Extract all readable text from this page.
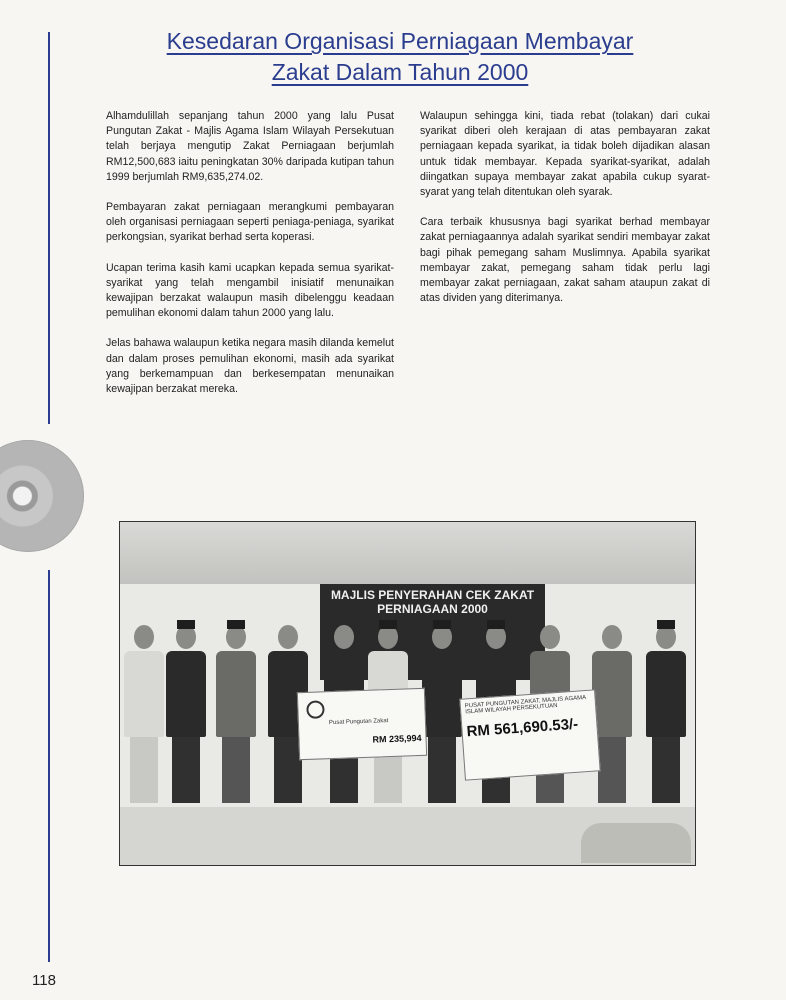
Kesedaran Organisasi Perniagaan Membayar
Zakat Dalam Tahun 2000

Alhamdulillah sepanjang tahun 2000 yang lalu Pusat Pungutan Zakat - Majlis Agama Islam Wilayah Persekutuan telah berjaya mengutip Zakat Perniagaan berjumlah RM12,500,683 iaitu peningkatan 30% daripada kutipan tahun 1999 berjumlah RM9,635,274.02.

Pembayaran zakat perniagaan merangkumi pembayaran oleh organisasi perniagaan seperti peniaga-peniaga, syarikat perkongsian, syarikat berhad serta koperasi.

Ucapan terima kasih kami ucapkan kepada semua syarikat-syarikat yang telah mengambil inisiatif menunaikan kewajipan berzakat walaupun masih dibelenggu keadaan pemulihan ekonomi dalam tahun 2000 yang lalu.

Jelas bahawa walaupun ketika negara masih dilanda kemelut dan dalam proses pemulihan ekonomi, masih ada syarikat yang berkemampuan dan berkesempatan menunaikan kewajipan berzakat mereka.

Walaupun sehingga kini, tiada rebat (tolakan) dari cukai syarikat diberi oleh kerajaan di atas pembayaran zakat perniagaan kepada syarikat, ia tidak boleh dijadikan alasan untuk tidak membayar. Kepada syarikat-syarikat, adalah diingatkan supaya membayar zakat apabila cukup syarat-syarat yang telah ditentukan oleh syarak.

Cara terbaik khususnya bagi syarikat berhad membayar zakat perniagaannya adalah syarikat sendiri membayar zakat bagi pihak pemegang saham Muslimnya. Apabila syarikat membayar zakat, pemegang saham tidak perlu lagi membayar zakat perniagaan, zakat saham ataupun zakat di atas dividen yang diterimanya.

MAJLIS PENYERAHAN CEK ZAKAT
PERNIAGAAN 2000
Pusat Pungutan Zakat
RM 235,994
PUSAT PUNGUTAN ZAKAT, MAJLIS AGAMA ISLAM WILAYAH PERSEKUTUAN
RM 561,690.53/-
118
